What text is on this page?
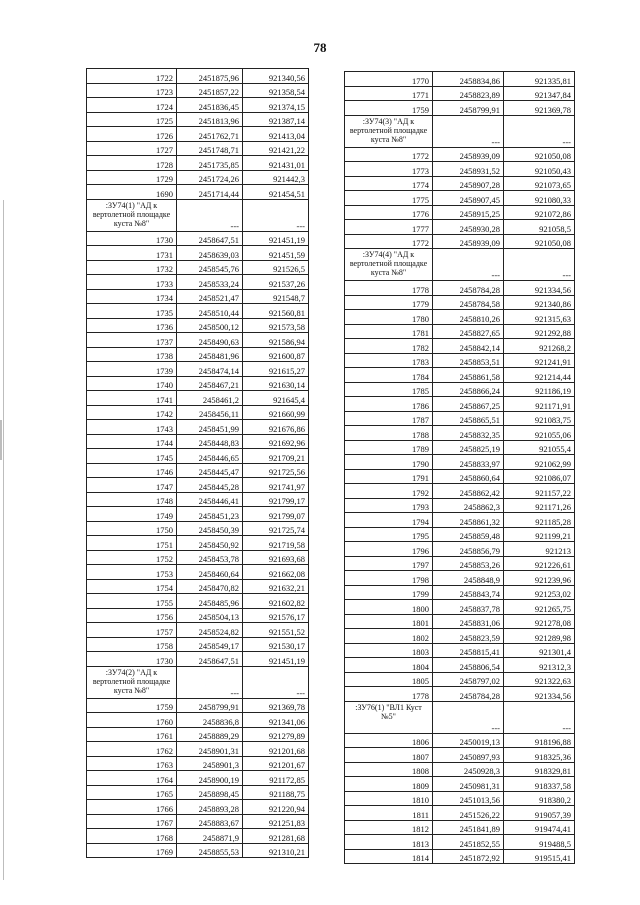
78
1722	2451875,96	921340,56
1723	2451857,22	921358,54
1724	2451836,45	921374,15
1725	2451813,96	921387,14
1726	2451762,71	921413,04
1727	2451748,71	921421,22
1728	2451735,85	921431,01
1729	2451724,26	921442,3
1690	2451714,44	921454,51
:ЗУ74(1) "АД к вертолетной площадке куста №8"	---	---
1730	2458647,51	921451,19
1731	2458639,03	921451,59
1732	2458545,76	921526,5
1733	2458533,24	921537,26
1734	2458521,47	921548,7
1735	2458510,44	921560,81
1736	2458500,12	921573,58
1737	2458490,63	921586,94
1738	2458481,96	921600,87
1739	2458474,14	921615,27
1740	2458467,21	921630,14
1741	2458461,2	921645,4
1742	2458456,11	921660,99
1743	2458451,99	921676,86
1744	2458448,83	921692,96
1745	2458446,65	921709,21
1746	2458445,47	921725,56
1747	2458445,28	921741,97
1748	2458446,41	921799,17
1749	2458451,23	921799,07
1750	2458450,39	921725,74
1751	2458450,92	921719,58
1752	2458453,78	921693,68
1753	2458460,64	921662,08
1754	2458470,82	921632,21
1755	2458485,96	921602,82
1756	2458504,13	921576,17
1757	2458524,82	921551,52
1758	2458549,17	921530,17
1730	2458647,51	921451,19
:ЗУ74(2) "АД к вертолетной площадке куста №8"	---	---
1759	2458799,91	921369,78
1760	2458836,8	921341,06
1761	2458889,29	921279,89
1762	2458901,31	921201,68
1763	2458901,3	921201,67
1764	2458900,19	921172,85
1765	2458898,45	921188,75
1766	2458893,28	921220,94
1767	2458883,67	921251,83
1768	2458871,9	921281,68
1769	2458855,53	921310,21
1770	2458834,86	921335,81
1771	2458823,89	921347,84
1759	2458799,91	921369,78
:ЗУ74(3) "АД к вертолетной площадке куста №8"	---	---
1772	2458939,09	921050,08
1773	2458931,52	921050,43
1774	2458907,28	921073,65
1775	2458907,45	921080,33
1776	2458915,25	921072,86
1777	2458930,28	921058,5
1772	2458939,09	921050,08
:ЗУ74(4) "АД к вертолетной площадке куста №8"	---	---
1778	2458784,28	921334,56
1779	2458784,58	921340,86
1780	2458810,26	921315,63
1781	2458827,65	921292,88
1782	2458842,14	921268,2
1783	2458853,51	921241,91
1784	2458861,58	921214,44
1785	2458866,24	921186,19
1786	2458867,25	921171,91
1787	2458865,51	921083,75
1788	2458832,35	921055,06
1789	2458825,19	921055,4
1790	2458833,97	921062,99
1791	2458860,64	921086,07
1792	2458862,42	921157,22
1793	2458862,3	921171,26
1794	2458861,32	921185,28
1795	2458859,48	921199,21
1796	2458856,79	921213
1797	2458853,26	921226,61
1798	2458848,9	921239,96
1799	2458843,74	921253,02
1800	2458837,78	921265,75
1801	2458831,06	921278,08
1802	2458823,59	921289,98
1803	2458815,41	921301,4
1804	2458806,54	921312,3
1805	2458797,02	921322,63
1778	2458784,28	921334,56
:ЗУ76(1) "ВЛ1 Куст №5"	---	---
1806	2450019,13	918196,88
1807	2450897,93	918325,36
1808	2450928,3	918329,81
1809	2450981,31	918337,58
1810	2451013,56	918380,2
1811	2451526,22	919057,39
1812	2451841,89	919474,41
1813	2451852,55	919488,5
1814	2451872,92	919515,41
